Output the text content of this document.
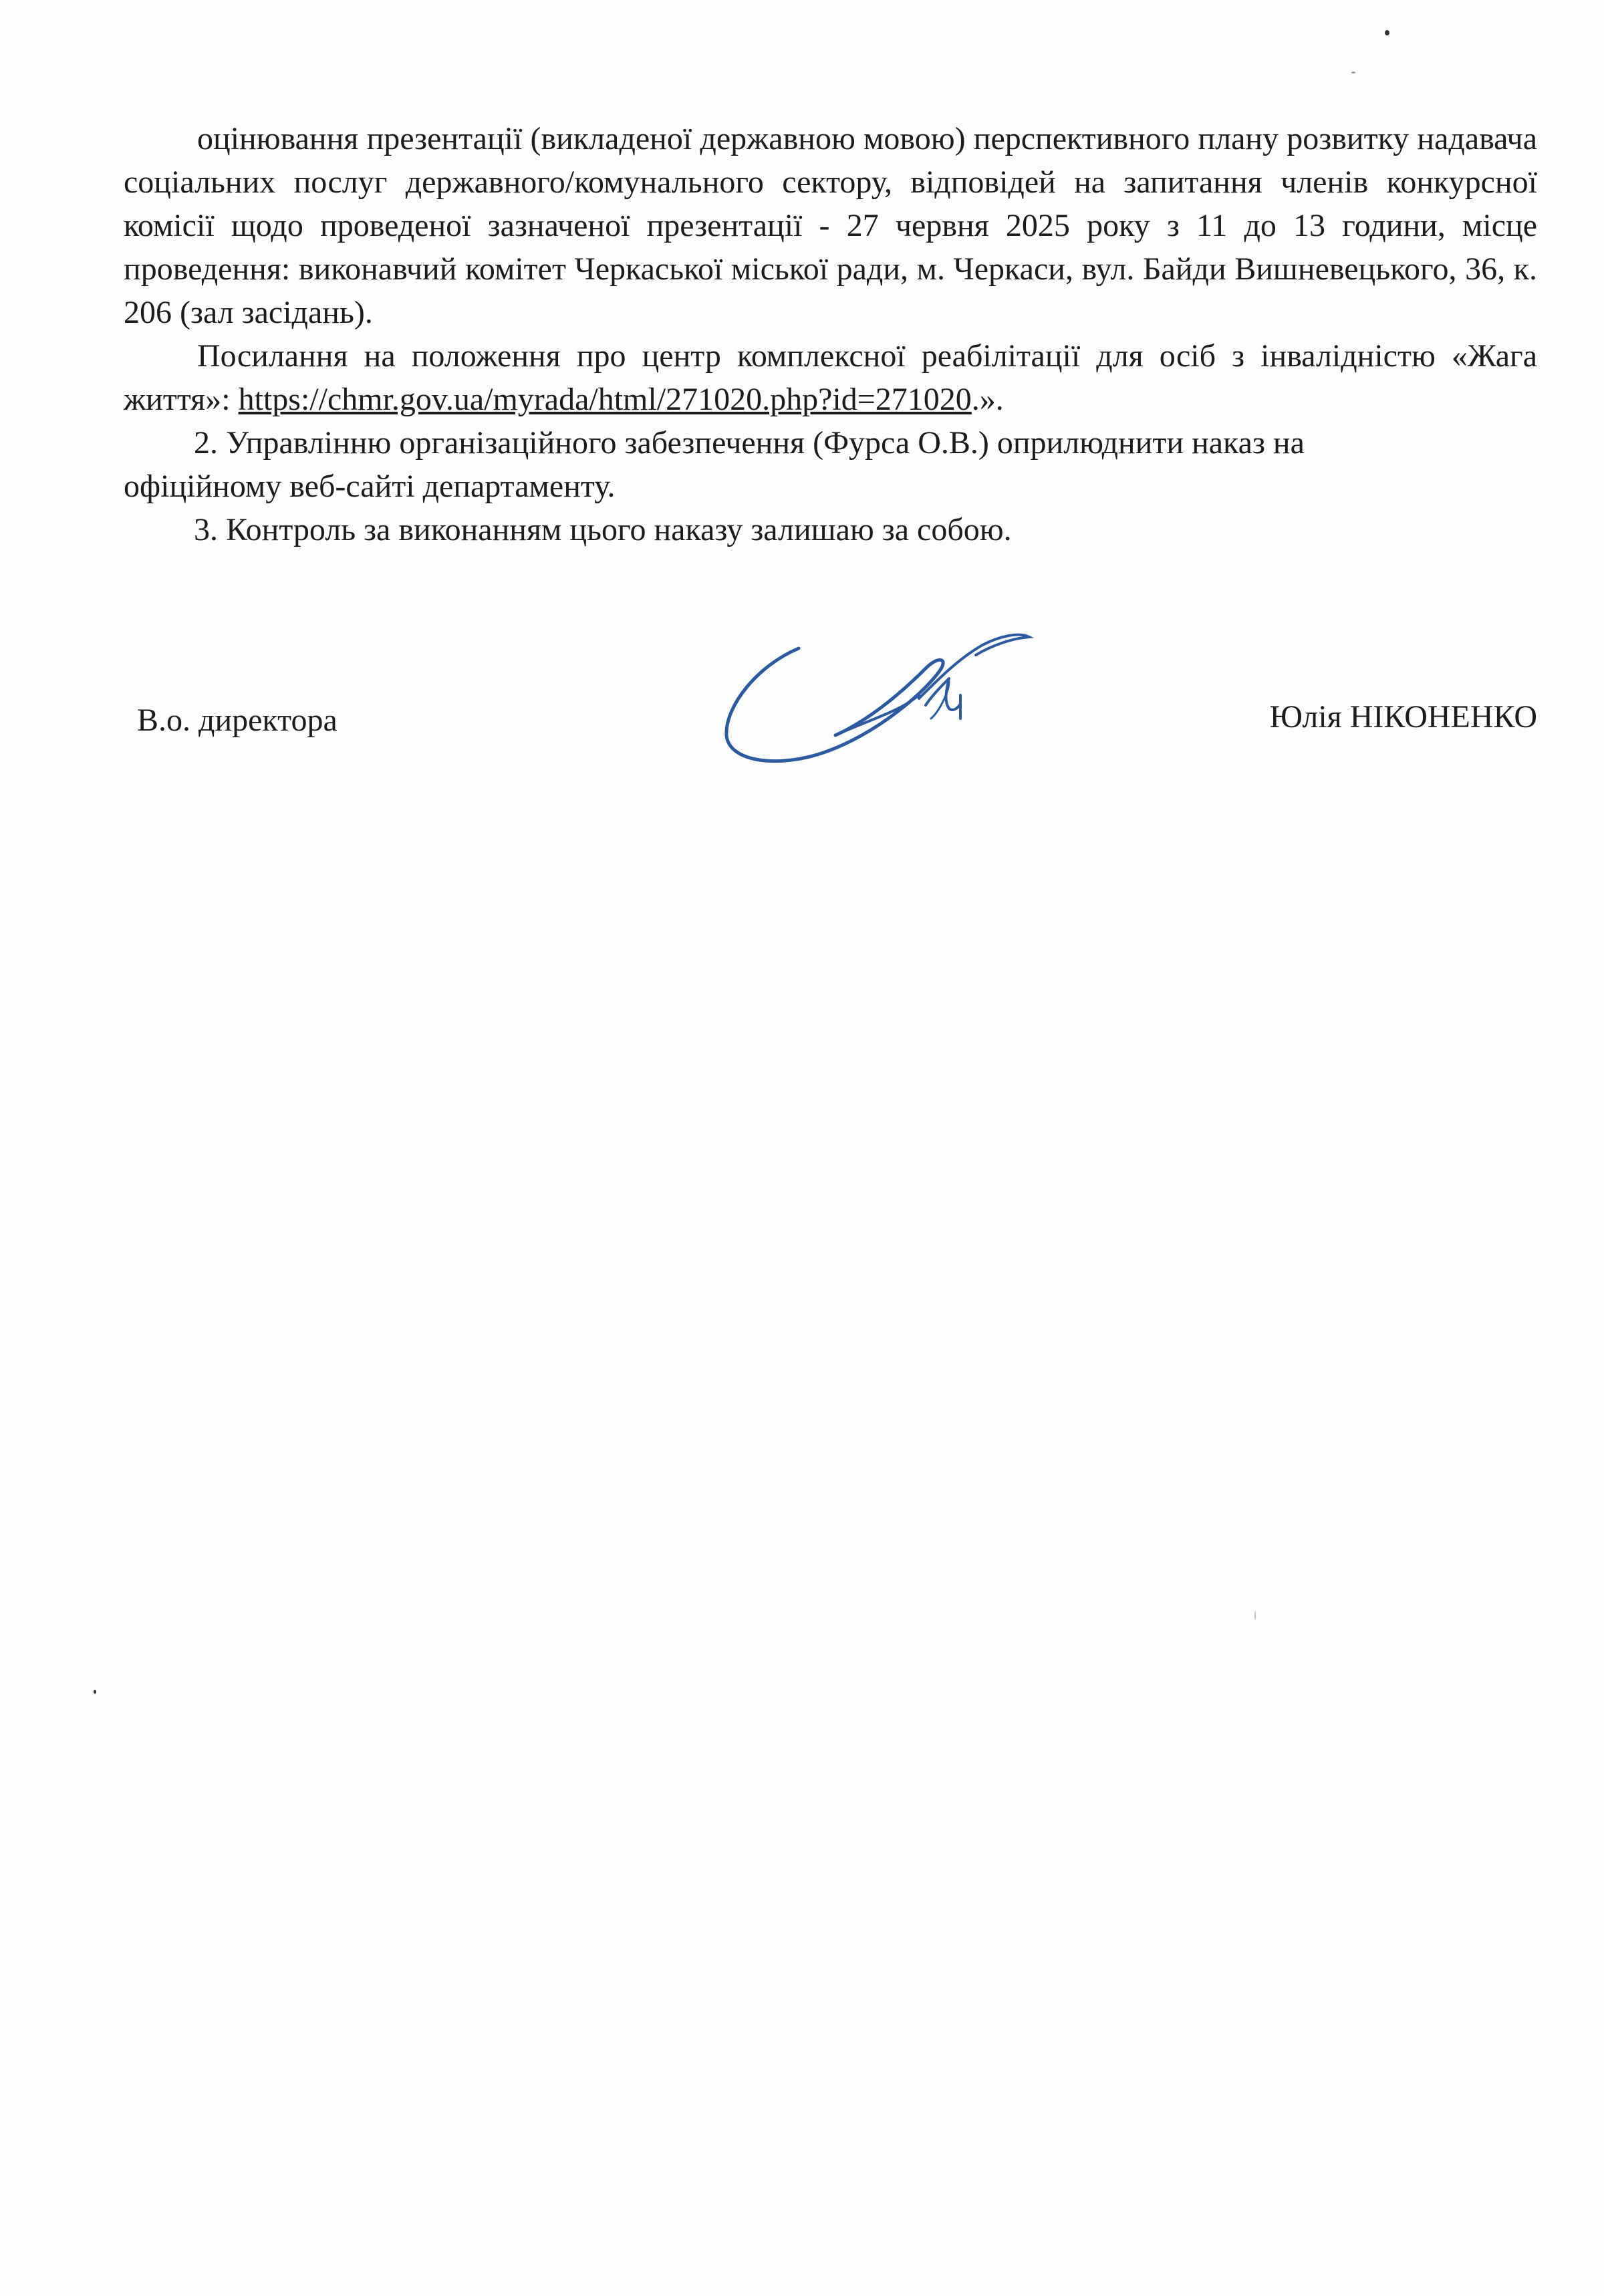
оцінювання презентації (викладеної державною мовою) перспективного плану розвитку надавача соціальних послуг державного/комунального сектору, відповідей на запитання членів конкурсної комісії щодо проведеної зазначеної презентації - 27 червня 2025 року з 11 до 13 години, місце проведення: виконавчий комітет Черкаської міської ради, м. Черкаси, вул. Байди Вишневецького, 36, к. 206 (зал засідань).

Посилання на положення про центр комплексної реабілітації для осіб з інвалідністю «Жага життя»: https://chmr.gov.ua/myrada/html/271020.php?id=271020.».

2. Управлінню організаційного забезпечення (Фурса О.В.) оприлюднити наказ на

офіційному веб-сайті департаменту.

3. Контроль за виконанням цього наказу залишаю за собою.

В.о. директора	Юлія НІКОНЕНКО
